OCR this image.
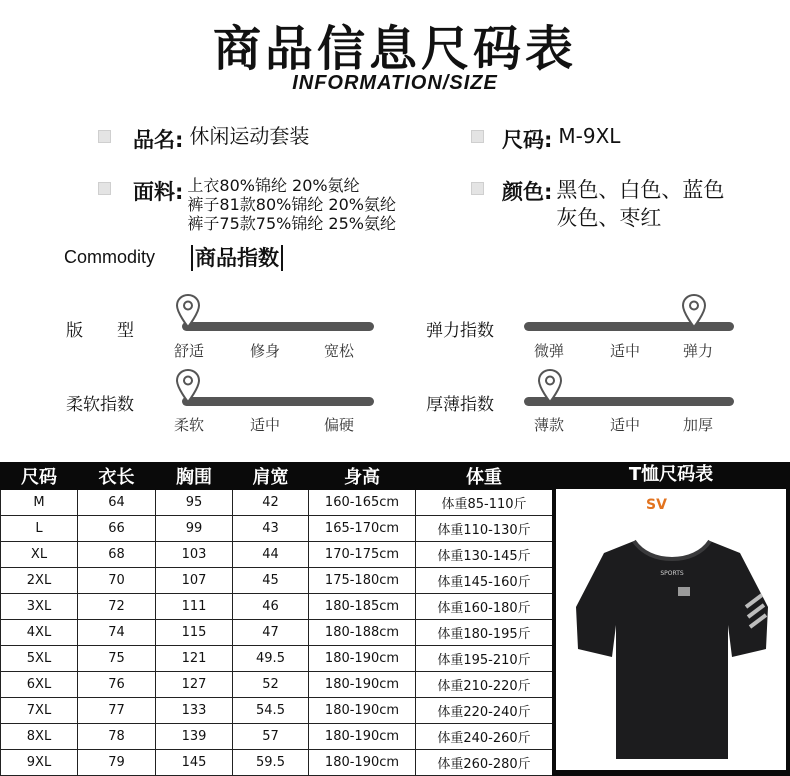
商品信息尺码表
INFORMATION/SIZE
品名: 休闲运动套装	尺码: M-9XL
面料: 上衣80%锦纶 20%氨纶
裤子81款80%锦纶 20%氨纶
裤子75款75%锦纶 25%氨纶
颜色: 黑色、白色、蓝色
灰色、枣红
Commodity 商品指数
版　　型
舒适	修身	宽松
弹力指数
微弹	适中	弹力
柔软指数
柔软	适中	偏硬
厚薄指数
薄款	适中	加厚
尺码	衣长	胸围	肩宽	身高	体重
M	64	95	42	160-165cm	体重85-110斤
L	66	99	43	165-170cm	体重110-130斤
XL	68	103	44	170-175cm	体重130-145斤
2XL	70	107	45	175-180cm	体重145-160斤
3XL	72	111	46	180-185cm	体重160-180斤
4XL	74	115	47	180-188cm	体重180-195斤
5XL	75	121	49.5	180-190cm	体重195-210斤
6XL	76	127	52	180-190cm	体重210-220斤
7XL	77	133	54.5	180-190cm	体重220-240斤
8XL	78	139	57	180-190cm	体重240-260斤
9XL	79	145	59.5	180-190cm	体重260-280斤
T恤尺码表
SPORTS
SV
